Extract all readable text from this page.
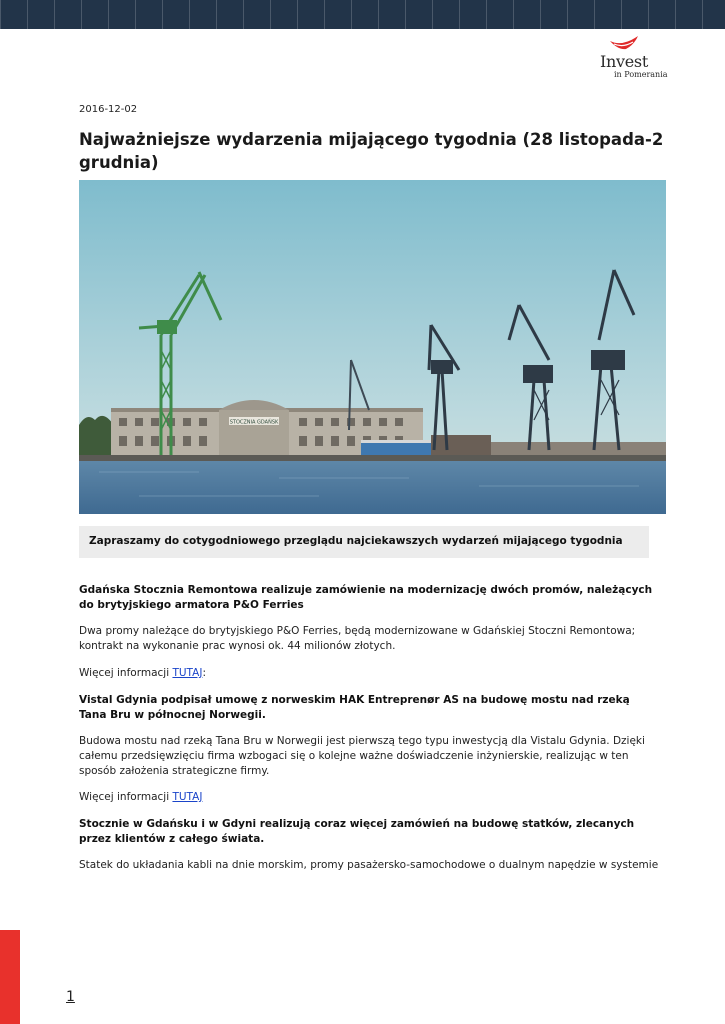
Invest
in Pomerania
2016-12-02
Najważniejsze wydarzenia mijającego tygodnia (28 listopada-2 grudnia)
STOCZNIA GDAŃSK
Zapraszamy do cotygodniowego przeglądu najciekawszych wydarzeń mijającego tygodnia
Gdańska Stocznia Remontowa realizuje zamówienie na modernizację dwóch promów, należących do brytyjskiego armatora P&O Ferries
Dwa promy należące do brytyjskiego P&O Ferries, będą modernizowane w Gdańskiej Stoczni Remontowa; kontrakt na wykonanie prac wynosi ok. 44 milionów złotych.
Więcej informacji TUTAJ:
Vistal Gdynia podpisał umowę z norweskim HAK Entreprenør AS na budowę mostu nad rzeką Tana Bru w północnej Norwegii.
Budowa mostu nad rzeką Tana Bru w Norwegii jest pierwszą tego typu inwestycją dla Vistalu Gdynia. Dzięki całemu przedsięwzięciu firma wzbogaci się o kolejne ważne doświadczenie inżynierskie, realizując w ten sposób założenia strategiczne firmy.
Więcej informacji TUTAJ
Stocznie w Gdańsku i w Gdyni realizują coraz więcej zamówień na budowę statków, zlecanych przez klientów z całego świata.
Statek do układania kabli na dnie morskim, promy pasażersko-samochodowe o dualnym napędzie w systemie
1
